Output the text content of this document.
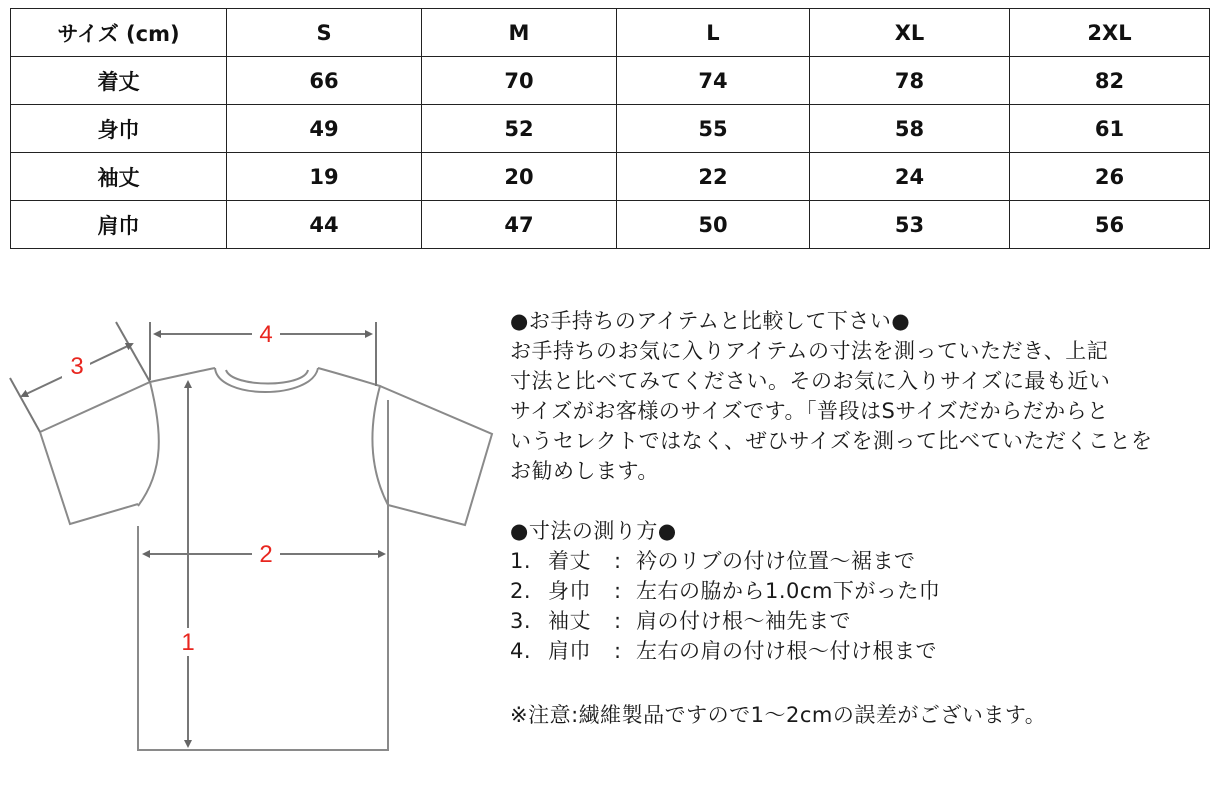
サイズ (cm)	S	M	L	XL	2XL
着丈	66	70	74	78	82
身巾	49	52	55	58	61
袖丈	19	20	22	24	26
肩巾	44	47	50	53	56
4
3
2
1
●お手持ちのアイテムと比較して下さい●
お手持ちのお気に入りアイテムの寸法を測っていただき、上記
寸法と比べてみてください。そのお気に入りサイズに最も近い
サイズがお客様のサイズです。「普段はSサイズだからだからと
いうセレクトではなく、ぜひサイズを測って比べていただくことを
お勧めします。
●寸法の測り方●
1. 着丈	: 衿のリブの付け位置〜裾まで
2. 身巾	: 左右の脇から1.0cm下がった巾
3. 袖丈	: 肩の付け根〜袖先まで
4. 肩巾	: 左右の肩の付け根〜付け根まで
※注意:繊維製品ですので1〜2cmの誤差がございます。
